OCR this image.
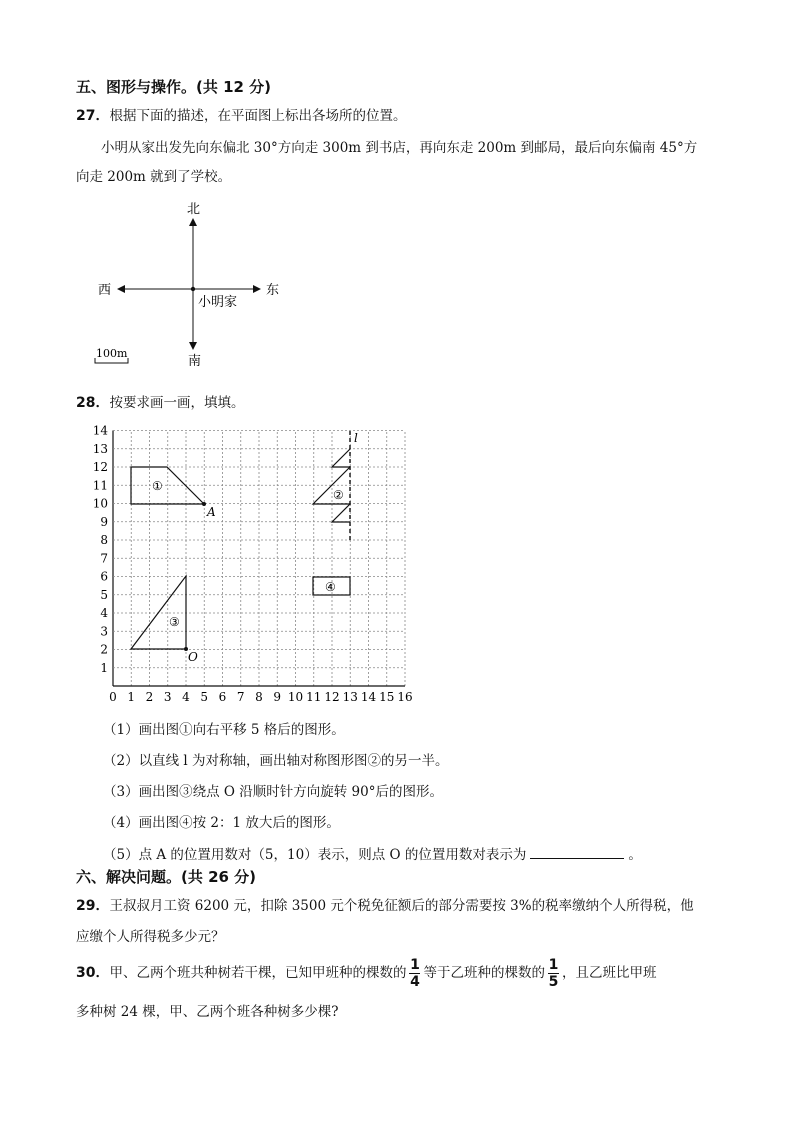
五、图形与操作。(共 12 分)
27．根据下面的描述，在平面图上标出各场所的位置。
小明从家出发先向东偏北 30°方向走 300m 到书店，再向东走 200m 到邮局，最后向东偏南 45°方
向走 200m 就到了学校。
北
南
东
西
小明家
100m
28．按要求画一画，填填。
0 1 2 3 4 5 6 7 8 9 10 11 12 13 14 15 16
1
2
3
4
5
6
7
8
9
10
11
12
13
14
A
①
l
②
④
O
③
（1）画出图①向右平移 5 格后的图形。
（2）以直线 l 为对称轴，画出轴对称图形图②的另一半。
（3）画出图③绕点 O 沿顺时针方向旋转 90°后的图形。
（4）画出图④按 2：1 放大后的图形。
（5）点 A 的位置用数对（5，10）表示，则点 O 的位置用数对表示为	。
六、解决问题。(共 26 分)
29．王叔叔月工资 6200 元，扣除 3500 元个税免征额后的部分需要按 3%的税率缴纳个人所得税，他
应缴个人所得税多少元？
30．甲、乙两个班共种树若干棵，已知甲班种的棵数的 $\frac{1}{4}$ 等于乙班种的棵数的 $\frac{1}{5}$ ，且乙班比甲班
多种树 24 棵，甲、乙两个班各种树多少棵?
